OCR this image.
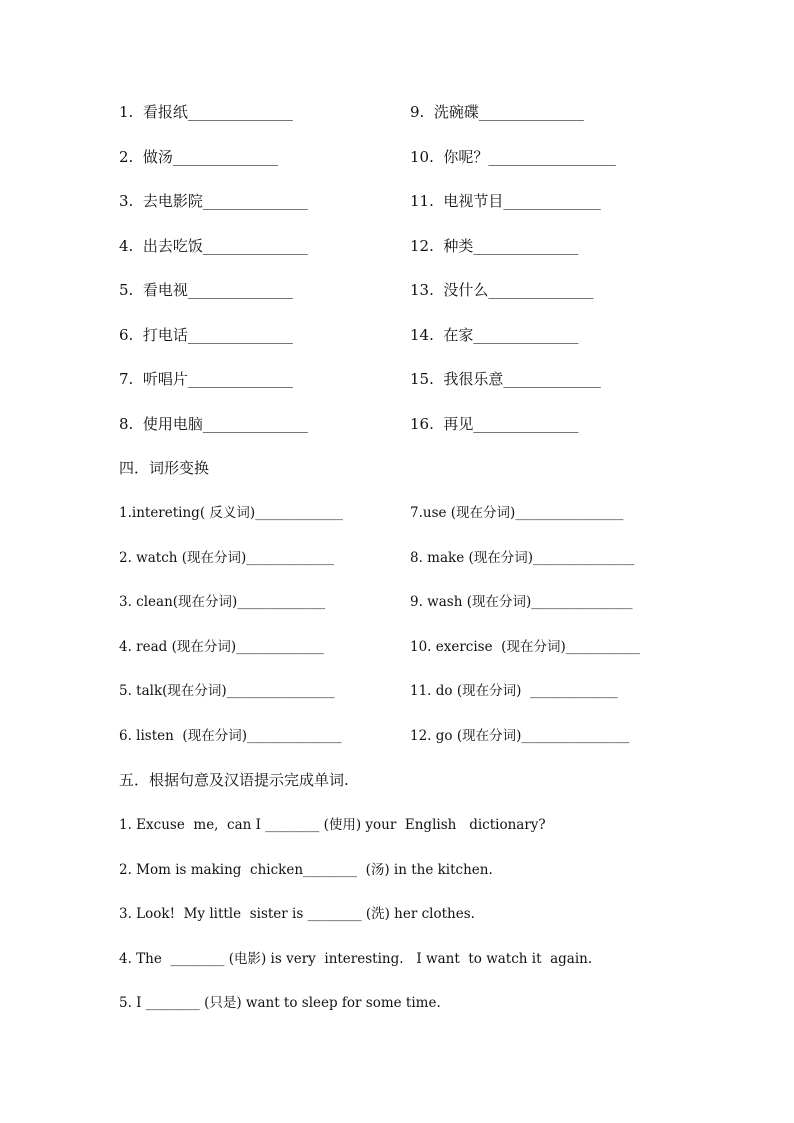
1.  看报纸______________
2.  做汤______________
3.  去电影院______________
4.  出去吃饭______________
5.  看电视______________
6.  打电话______________
7.  听唱片______________
8.  使用电脑______________
9.  洗碗碟______________
10.  你呢？_________________
11.  电视节目_____________
12.  种类______________
13.  没什么______________
14.  在家______________
15.  我很乐意_____________
16.  再见______________
四．词形变换
1.intereting( 反义词)_____________
2. watch (现在分词)_____________
3. clean(现在分词)_____________
4. read (现在分词)_____________
5. talk(现在分词)________________
6. listen  (现在分词)______________
7.use (现在分词)________________
8. make (现在分词)_______________
9. wash (现在分词)_______________
10. exercise  (现在分词)___________
11. do (现在分词)  _____________
12. go (现在分词)________________
五．根据句意及汉语提示完成单词.
1. Excuse  me,  can I ________ (使用) your  English   dictionary?
2. Mom is making  chicken________  (汤) in the kitchen.
3. Look!  My little  sister is ________ (洗) her clothes.
4. The  ________ (电影) is very  interesting.   I want  to watch it  again.
5. I ________ (只是) want to sleep for some time.
